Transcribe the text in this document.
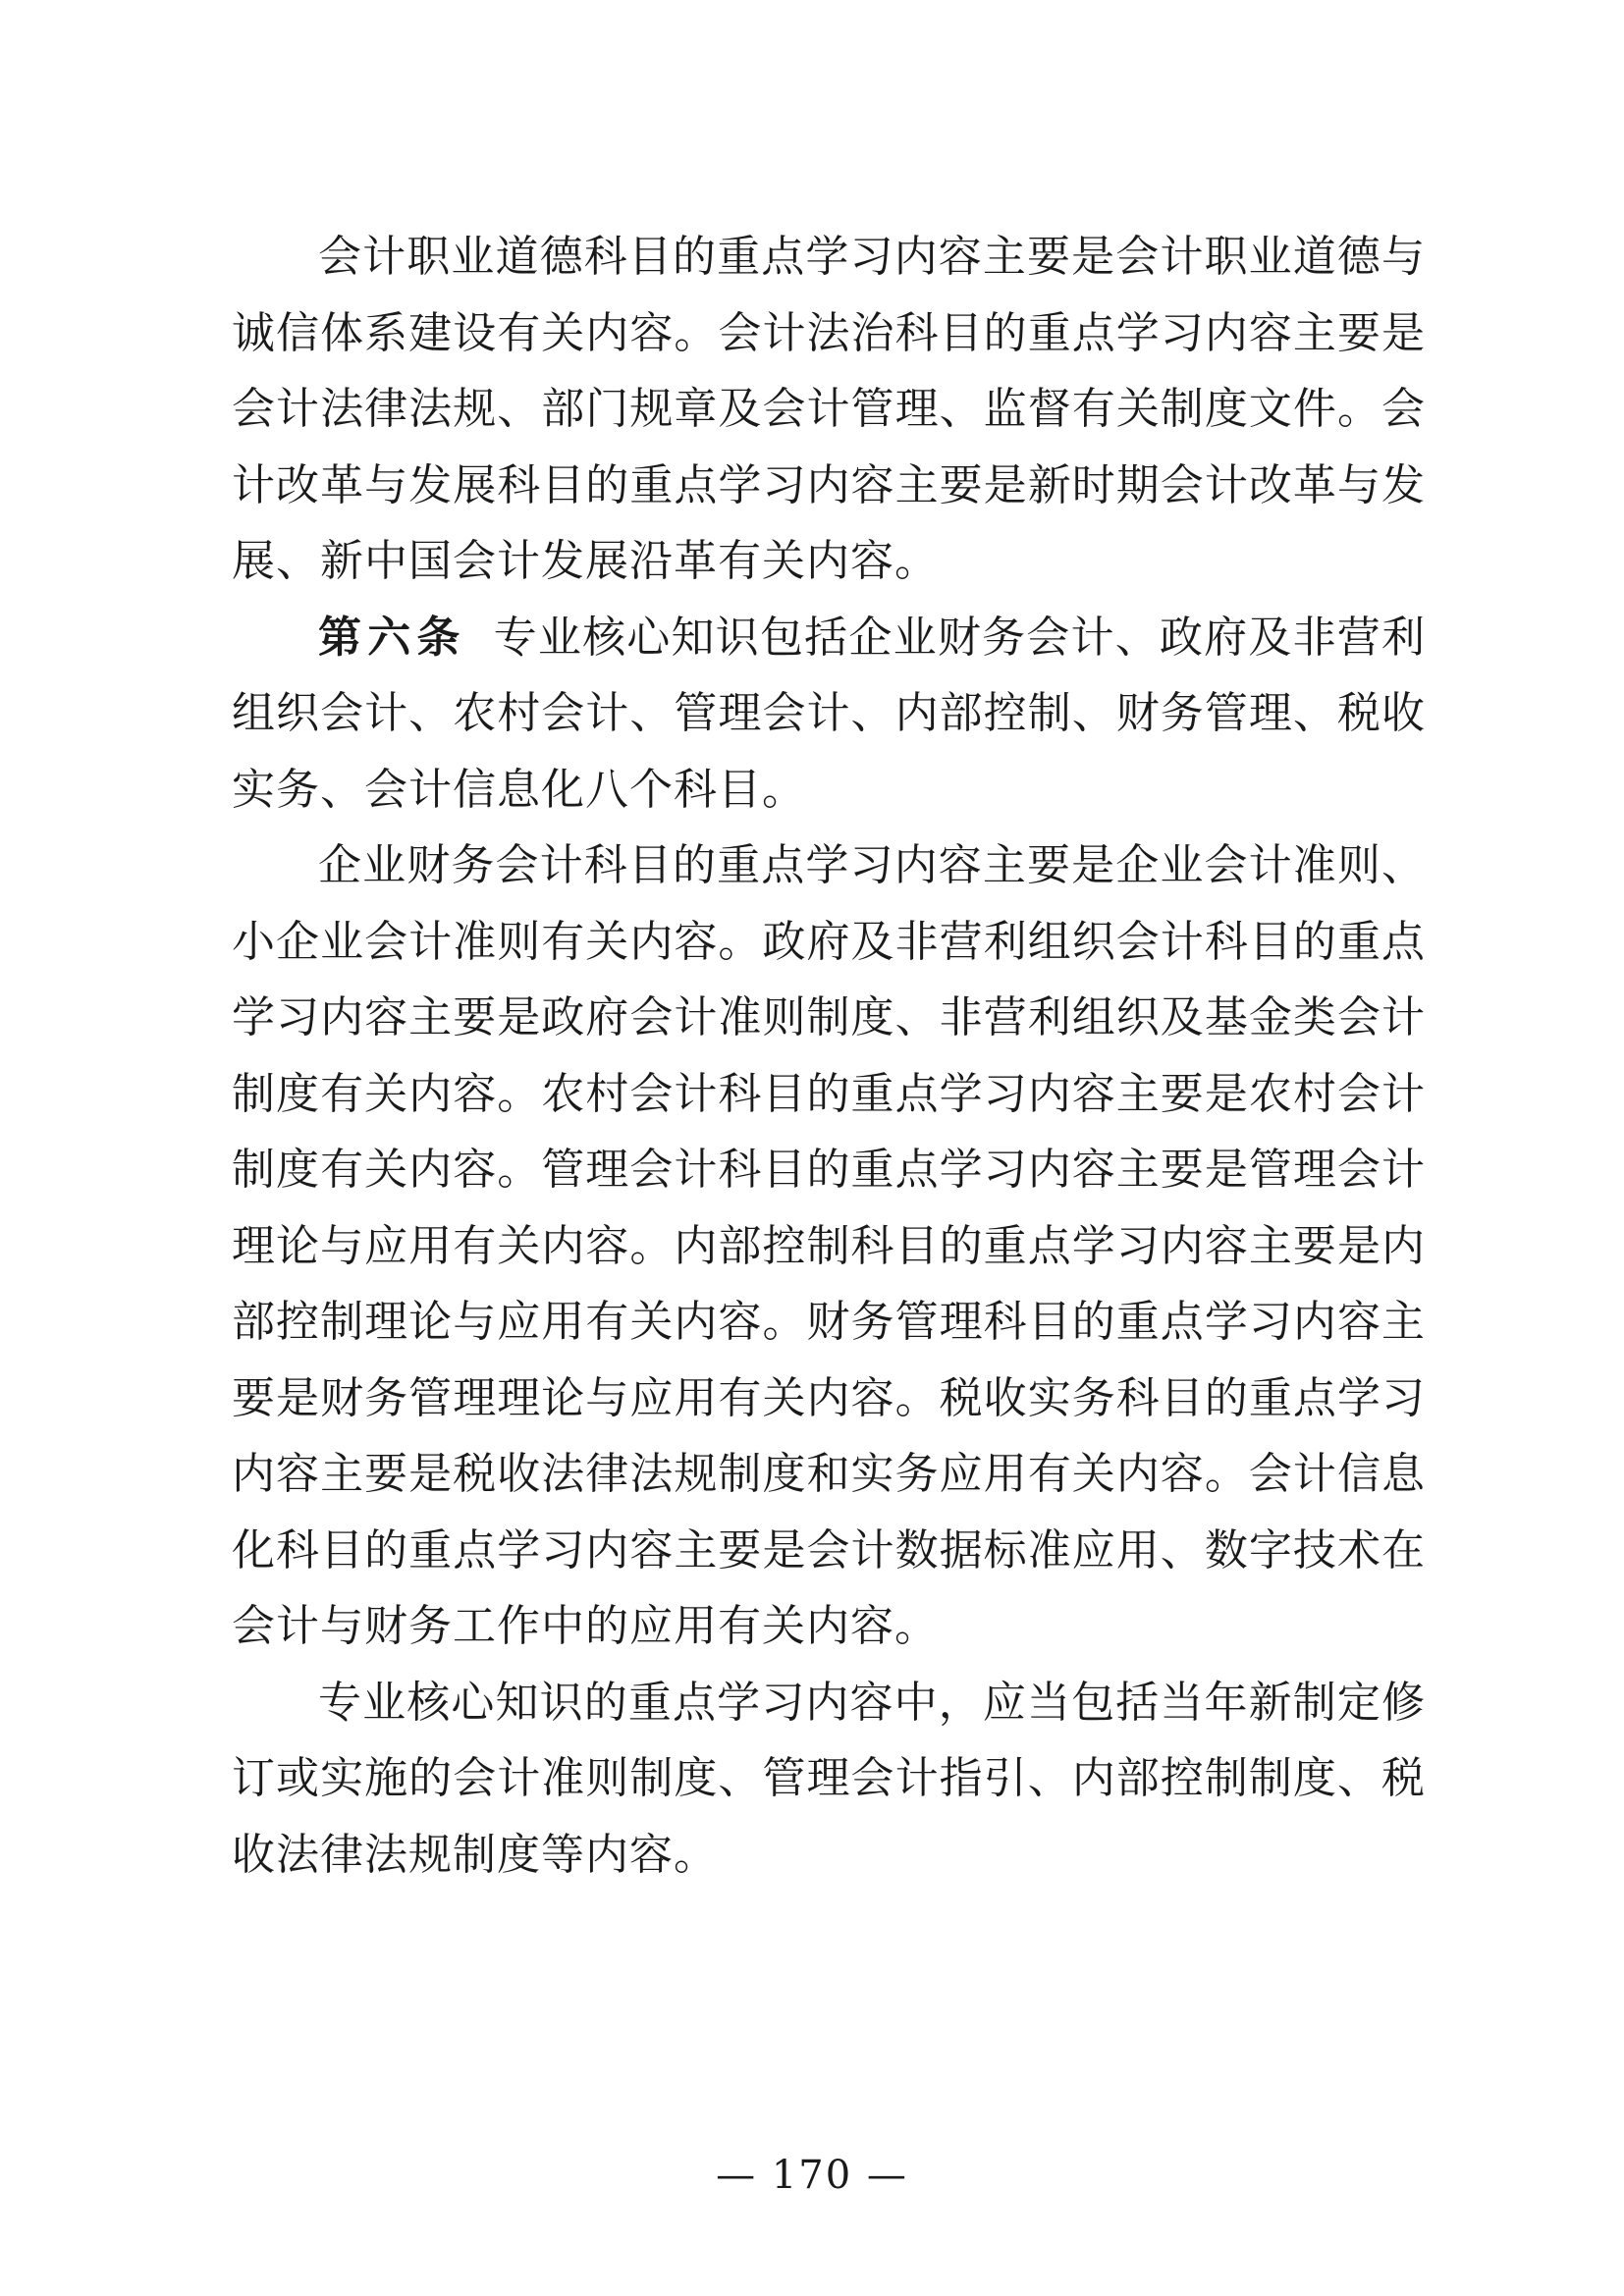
会计职业道德科目的重点学习内容主要是会计职业道德与诚信体系建设有关内容。会计法治科目的重点学习内容主要是会计法律法规、部门规章及会计管理、监督有关制度文件。会计改革与发展科目的重点学习内容主要是新时期会计改革与发展、新中国会计发展沿革有关内容。

第六条 专业核心知识包括企业财务会计、政府及非营利组织会计、农村会计、管理会计、内部控制、财务管理、税收实务、会计信息化八个科目。

企业财务会计科目的重点学习内容主要是企业会计准则、小企业会计准则有关内容。政府及非营利组织会计科目的重点学习内容主要是政府会计准则制度、非营利组织及基金类会计制度有关内容。农村会计科目的重点学习内容主要是农村会计制度有关内容。管理会计科目的重点学习内容主要是管理会计理论与应用有关内容。内部控制科目的重点学习内容主要是内部控制理论与应用有关内容。财务管理科目的重点学习内容主要是财务管理理论与应用有关内容。税收实务科目的重点学习内容主要是税收法律法规制度和实务应用有关内容。会计信息化科目的重点学习内容主要是会计数据标准应用、数字技术在会计与财务工作中的应用有关内容。

专业核心知识的重点学习内容中，应当包括当年新制定修订或实施的会计准则制度、管理会计指引、内部控制制度、税收法律法规制度等内容。

— 170 —
